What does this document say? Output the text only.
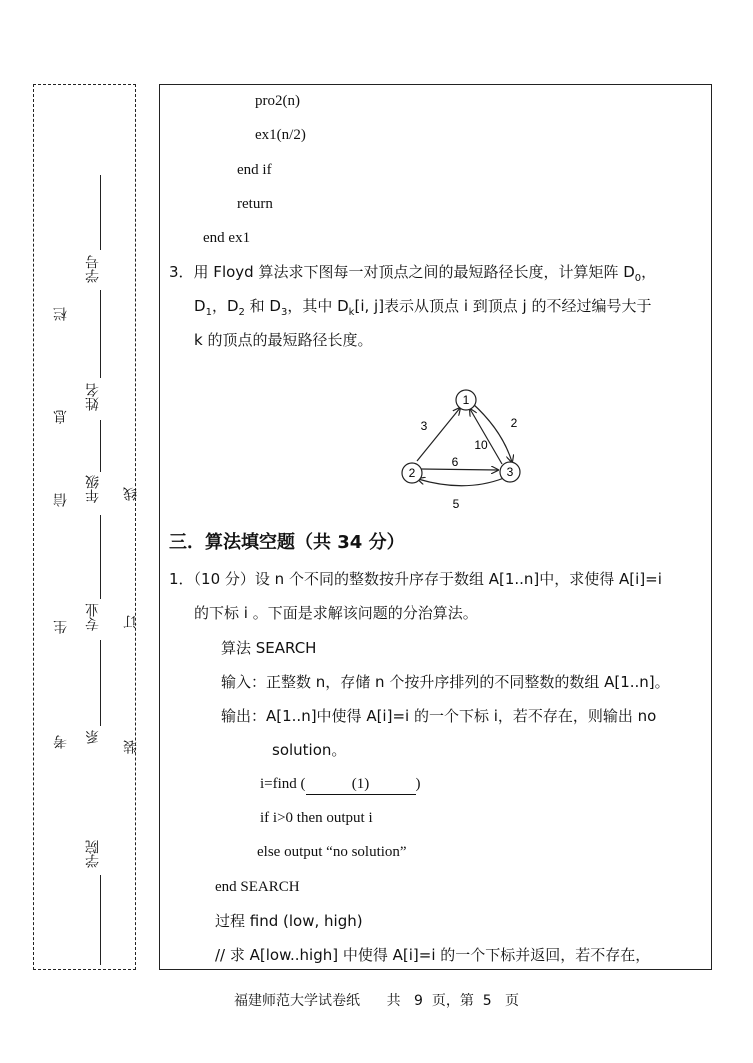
考
生
信
息
栏
学号
姓名
年级
专业
系
学院
装
订
线
pro2(n)
ex1(n/2)
end if
return
end ex1
3．用 Floyd 算法求下图每一对顶点之间的最短路径长度，计算矩阵 $D_0$，
$D_1$，$D_2$ 和 $D_3$，其中 $D_k[i$, j]表示从顶点 i 到顶点 j 的不经过编号大于
k 的顶点的最短路径长度。
1
2	3
3	2
10
6
5
三．算法填空题（共 34 分）
1．（10 分）设 n 个不同的整数按升序存于数组 A[1..n]中，求使得 A[i]=i
的下标 i 。下面是求解该问题的分治算法。
算法 SEARCH
输入：正整数 n，存储 n 个按升序排列的不同整数的数组 A[1..n]。
输出：A[1..n]中使得 A[i]=i 的一个下标 i，若不存在，则输出 no
solution。
i=find (	(1)	)
if i>0 then output i
else output “no solution”
end SEARCH
过程 find (low, high)
// 求 A[low..high] 中使得 A[i]=i 的一个下标并返回，若不存在，
福建师范大学试卷纸      共   9  页，第  5   页
